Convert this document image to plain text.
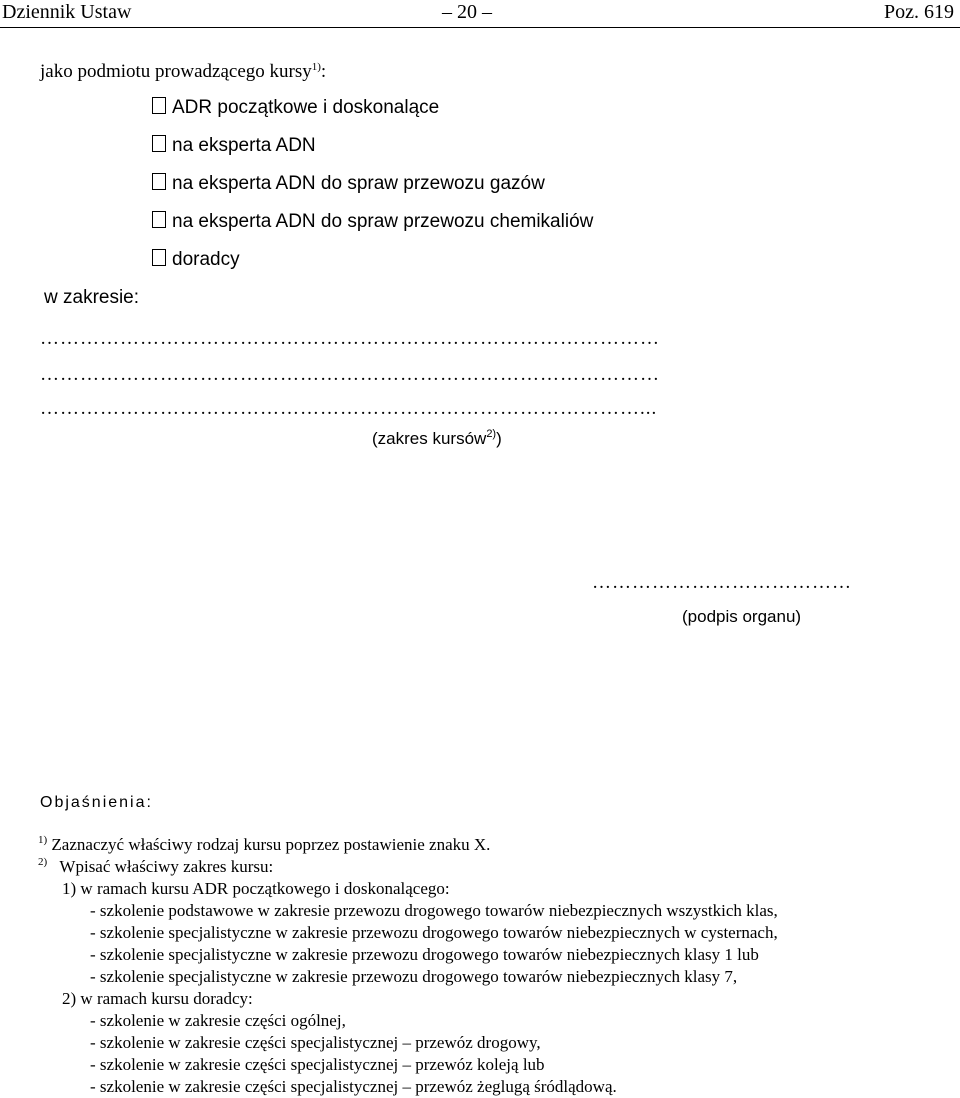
Dziennik Ustaw	– 20 –	Poz. 619
jako podmiotu prowadzącego kursy$^{1)}$:
ADR początkowe i doskonalące
na eksperta ADN
na eksperta ADN do spraw przewozu gazów
na eksperta ADN do spraw przewozu chemikaliów
doradcy
w zakresie:
…………………………………………………………………………………
…………………………………………………………………………………
………………………………………………………………………………...
(zakres kursów$^{2)}$)
…………………………………
(podpis organu)
Objaśnienia:
$^{1)}$ Zaznaczyć właściwy rodzaj kursu poprzez postawienie znaku X.
$^{2)}$ Wpisać właściwy zakres kursu:
1) w ramach kursu ADR początkowego i doskonalącego:
- szkolenie podstawowe w zakresie przewozu drogowego towarów niebezpiecznych wszystkich klas,
- szkolenie specjalistyczne w zakresie przewozu drogowego towarów niebezpiecznych w cysternach,
- szkolenie specjalistyczne w zakresie przewozu drogowego towarów niebezpiecznych klasy 1 lub
- szkolenie specjalistyczne w zakresie przewozu drogowego towarów niebezpiecznych klasy 7,
2) w ramach kursu doradcy:
- szkolenie w zakresie części ogólnej,
- szkolenie w zakresie części specjalistycznej – przewóz drogowy,
- szkolenie w zakresie części specjalistycznej – przewóz koleją lub
- szkolenie w zakresie części specjalistycznej – przewóz żeglugą śródlądową.
